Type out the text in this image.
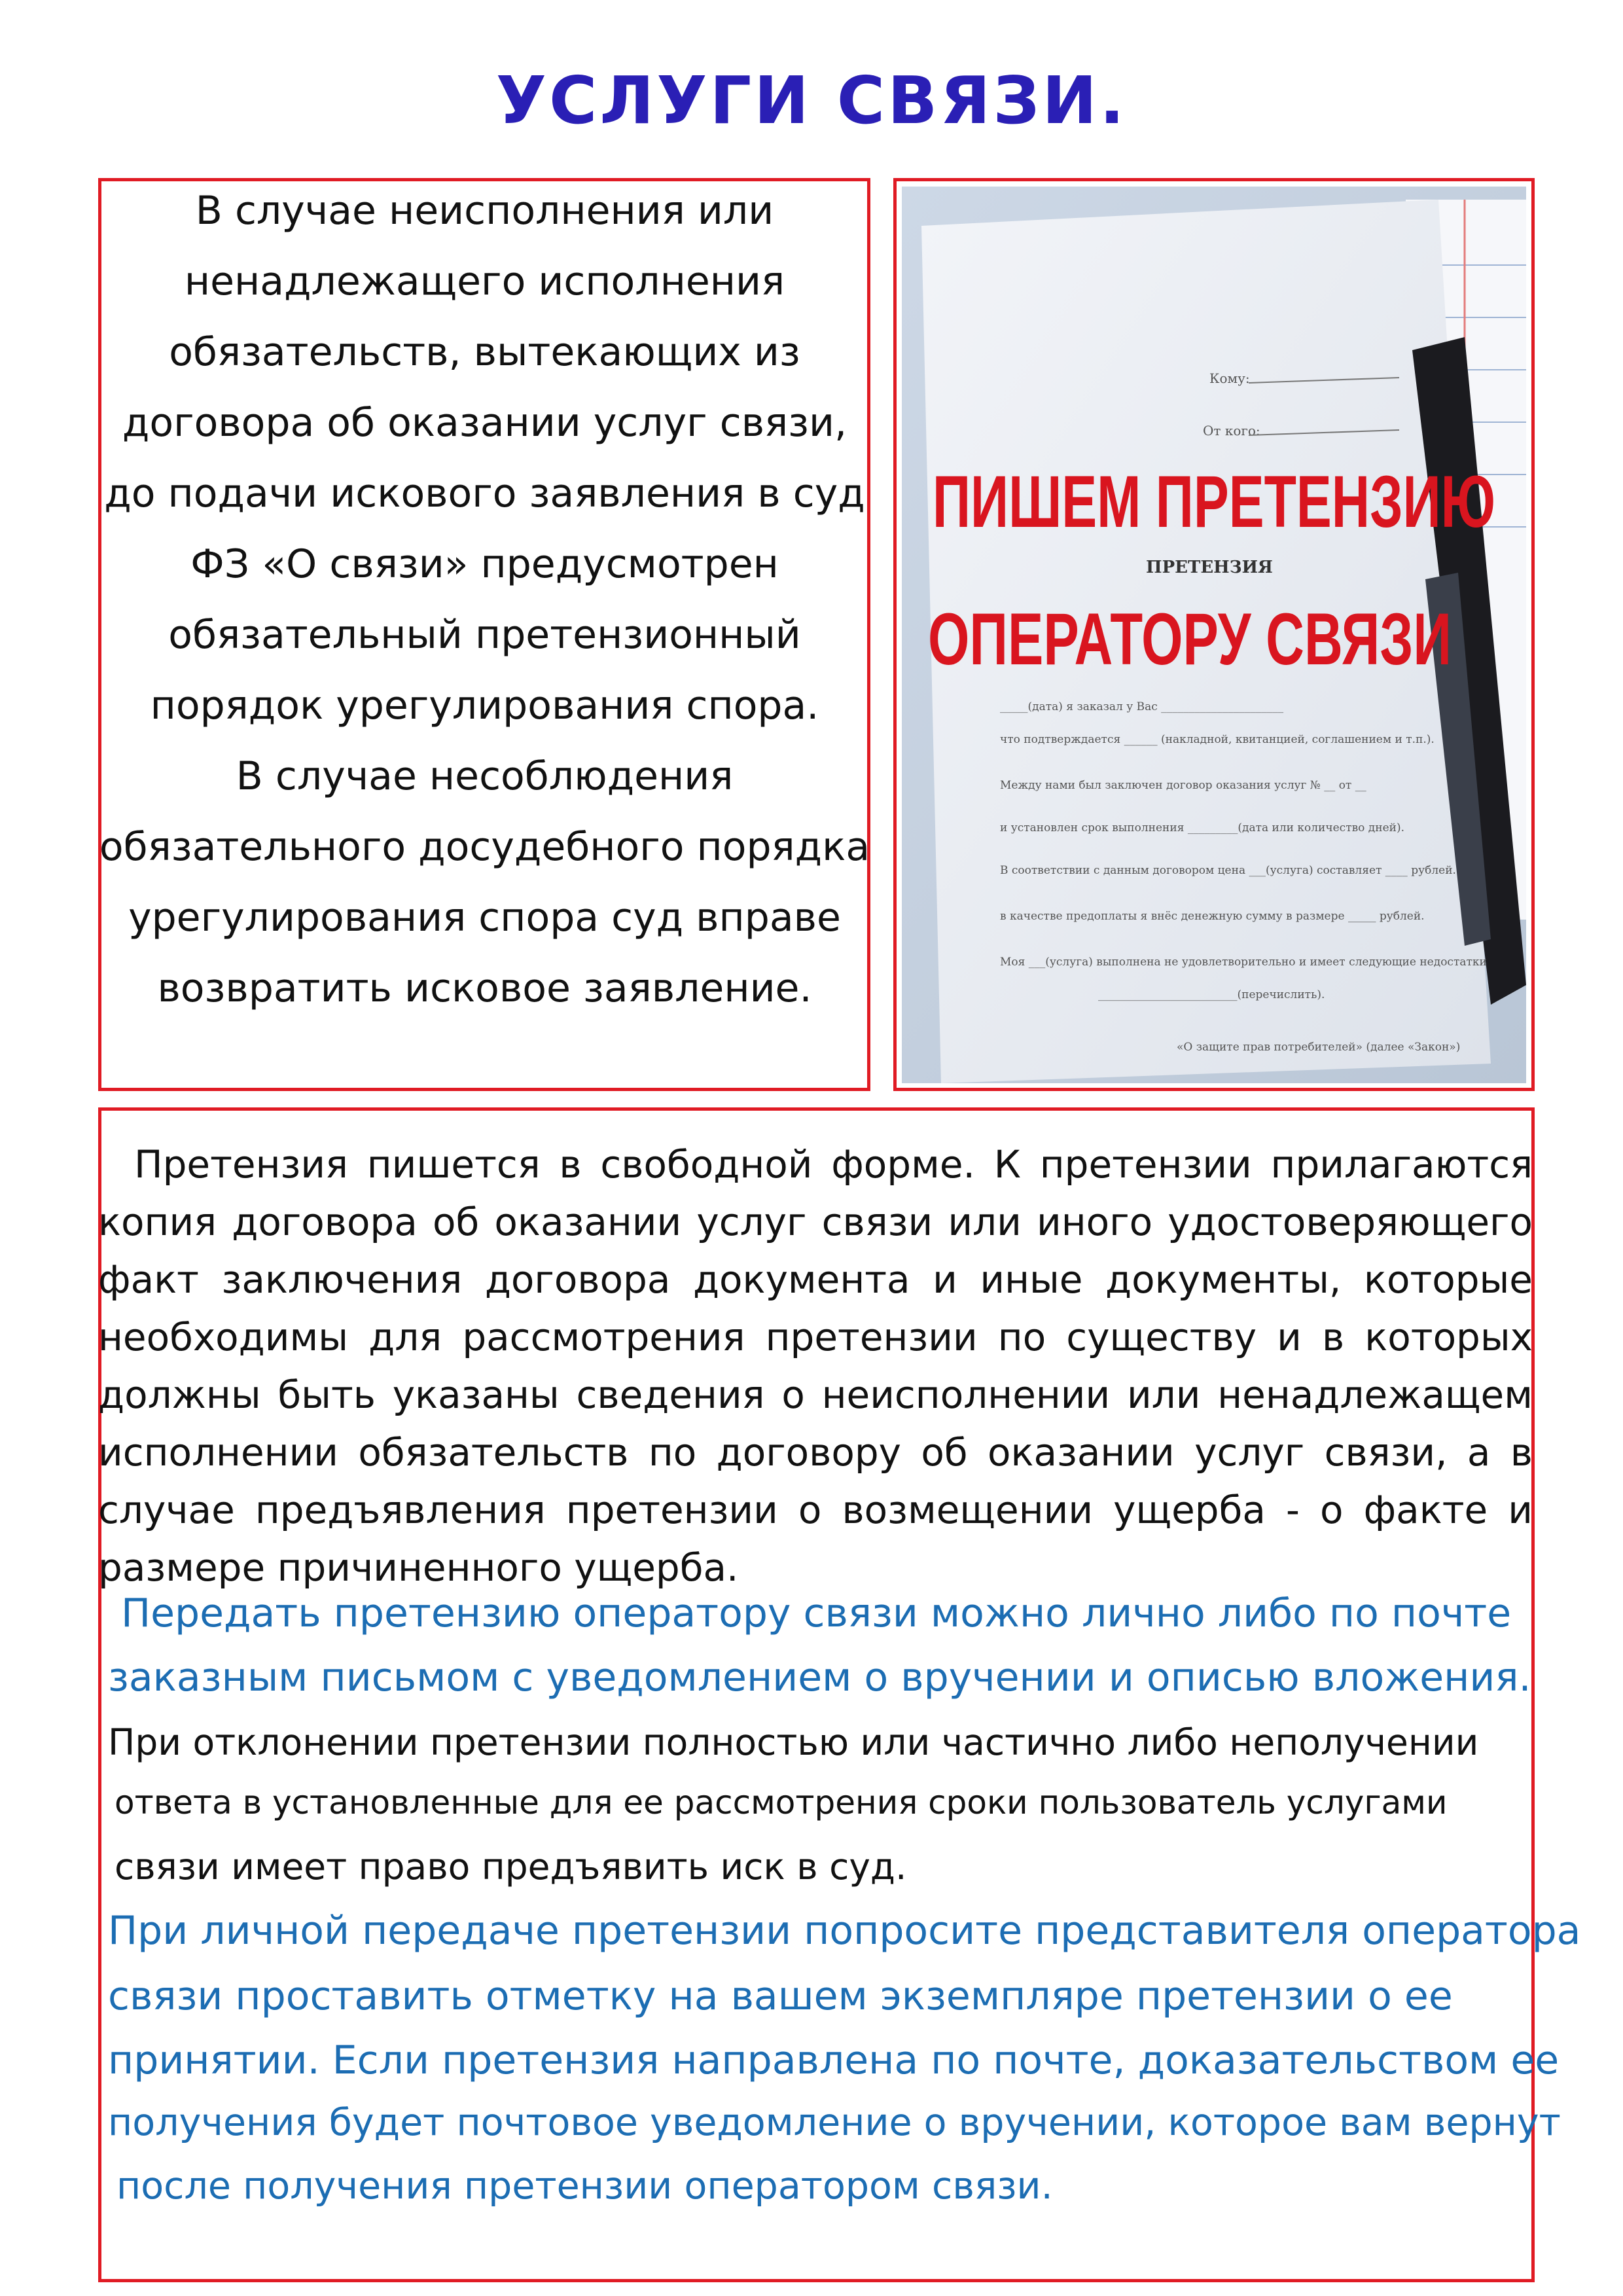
УСЛУГИ СВЯЗИ.

В случае неисполнения или ненадлежащего исполнения обязательств, вытекающих из договора об оказании услуг связи, до подачи искового заявления в суд ФЗ «О связи» предусмотрен обязательный претензионный порядок урегулирования спора.

В случае несоблюдения обязательного досудебного порядка урегулирования спора суд вправе возвратить исковое заявление.

Кому:
От кого:
ПИШЕМ ПРЕТЕНЗИЮ
ПРЕТЕНЗИЯ
ОПЕРАТОРУ СВЯЗИ
_____(дата) я заказал у Вас ______________________
что подтверждается ______ (накладной, квитанцией, соглашением и т.п.).
Между нами был заключен договор оказания услуг № __ от __
и установлен срок выполнения _________(дата или количество дней).
В соответствии с данным договором цена ___(услуга) составляет ____ рублей.
в качестве предоплаты я внёс денежную сумму в размере _____ рублей.
Моя ___(услуга) выполнена не удовлетворительно и имеет следующие недостатки
_________________________(перечислить).
«О защите прав потребителей» (далее «Закон»)

Претензия пишется в свободной форме. К претензии прилагаются копия договора об оказании услуг связи или иного удостоверяющего факт заключения договора документа и иные документы, которые необходимы для рассмотрения претензии по существу и в которых должны быть указаны сведения о неисполнении или ненадлежащем исполнении обязательств по договору об оказании услуг связи, а в случае предъявления претензии о возмещении ущерба - о факте и размере причиненного ущерба.

Передать претензию оператору связи можно лично либо по почте

заказным письмом с уведомлением о вручении и описью вложения.

При отклонении претензии полностью или частично либо неполучении

ответа в установленные для ее рассмотрения сроки пользователь услугами

связи имеет право предъявить иск в суд.

При личной передаче претензии попросите представителя оператора

связи проставить отметку на вашем экземпляре претензии о ее

принятии. Если претензия направлена по почте, доказательством ее

получения будет почтовое уведомление о вручении, которое вам вернут

после получения претензии оператором связи.
